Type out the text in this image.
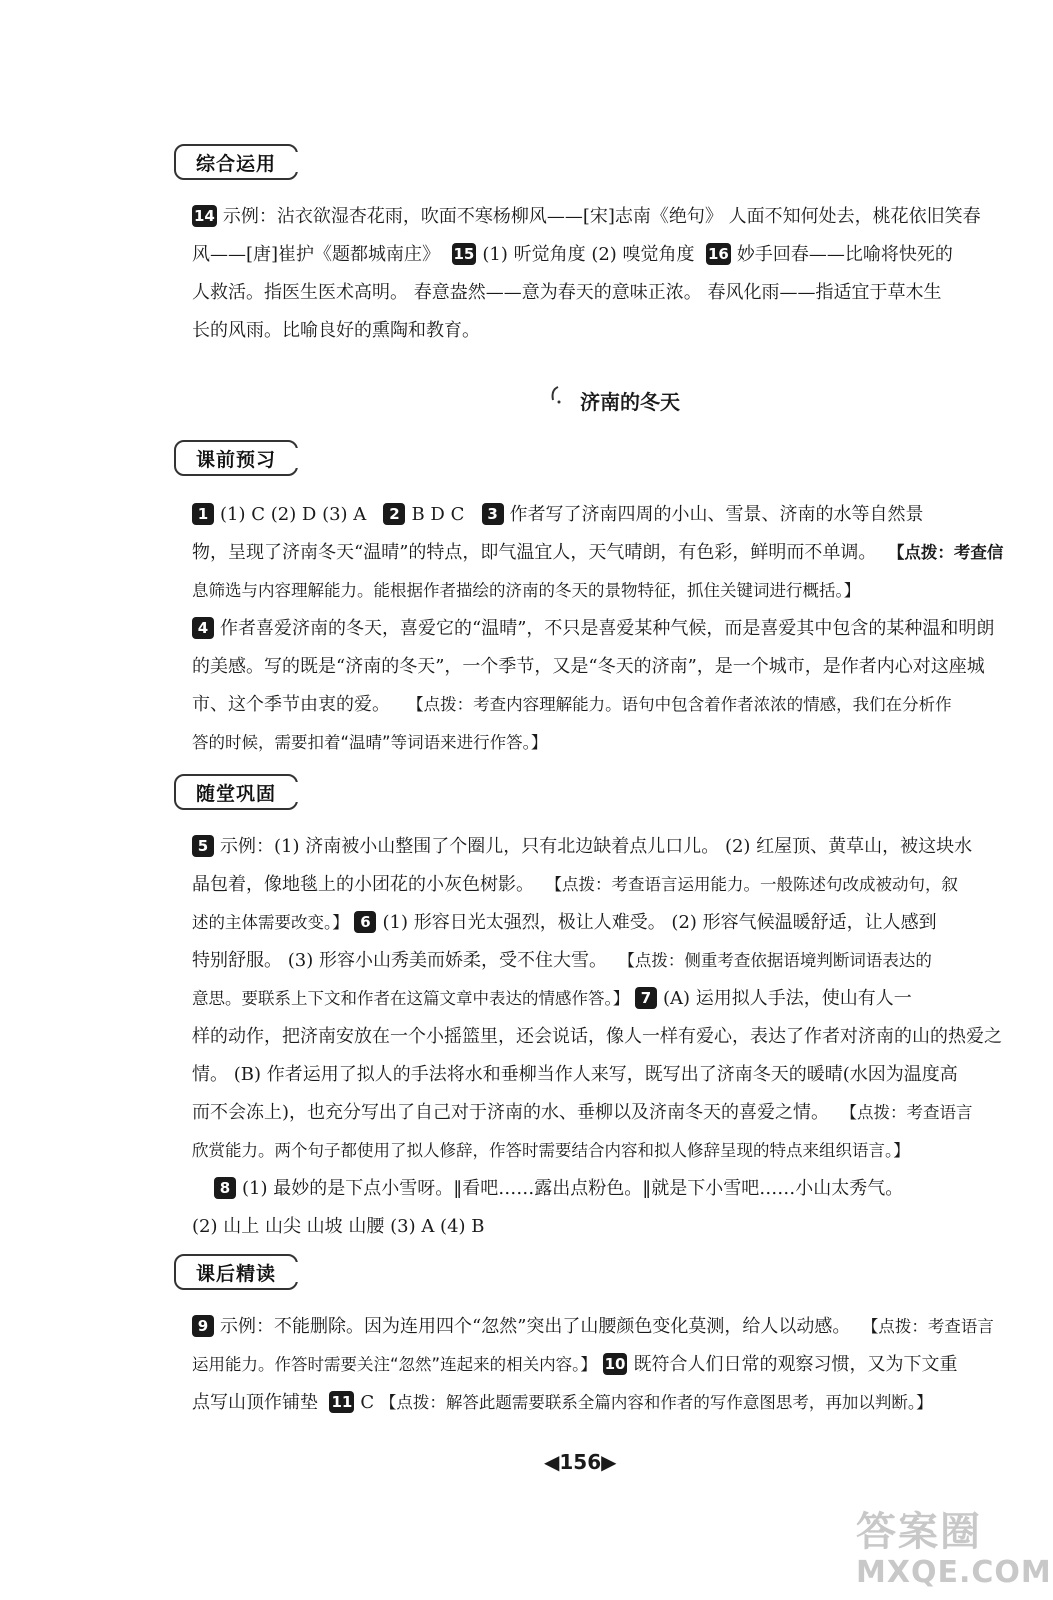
综合运用
14 示例：沾衣欲湿杏花雨，吹面不寒杨柳风——[宋]志南《绝句》 人面不知何处去，桃花依旧笑春
风——[唐]崔护《题都城南庄》 15 (1) 听觉角度 (2) 嗅觉角度 16 妙手回春——比喻将快死的
人救活。指医生医术高明。 春意盎然——意为春天的意味正浓。 春风化雨——指适宜于草木生
长的风雨。比喻良好的熏陶和教育。
济南的冬天
课前预习
1 (1) C (2) D (3) A 2 B D C 3 作者写了济南四周的小山、雪景、济南的水等自然景
物，呈现了济南冬天“温晴”的特点，即气温宜人，天气晴朗，有色彩，鲜明而不单调。 【点拨：考查信
息筛选与内容理解能力。能根据作者描绘的济南的冬天的景物特征，抓住关键词进行概括。】
4 作者喜爱济南的冬天，喜爱它的“温晴”，不只是喜爱某种气候，而是喜爱其中包含的某种温和明朗
的美感。写的既是“济南的冬天”，一个季节，又是“冬天的济南”，是一个城市，是作者内心对这座城
市、这个季节由衷的爱。 【点拨：考查内容理解能力。语句中包含着作者浓浓的情感，我们在分析作
答的时候，需要扣着“温晴”等词语来进行作答。】
随堂巩固
5 示例：(1) 济南被小山整围了个圈儿，只有北边缺着点儿口儿。 (2) 红屋顶、黄草山，被这块水
晶包着，像地毯上的小团花的小灰色树影。 【点拨：考查语言运用能力。一般陈述句改成被动句，叙
述的主体需要改变。】 6 (1) 形容日光太强烈，极让人难受。 (2) 形容气候温暖舒适，让人感到
特别舒服。 (3) 形容小山秀美而娇柔，受不住大雪。 【点拨：侧重考查依据语境判断词语表达的
意思。要联系上下文和作者在这篇文章中表达的情感作答。】 7 (A) 运用拟人手法，使山有人一
样的动作，把济南安放在一个小摇篮里，还会说话，像人一样有爱心，表达了作者对济南的山的热爱之
情。 (B) 作者运用了拟人的手法将水和垂柳当作人来写，既写出了济南冬天的暖晴(水因为温度高
而不会冻上)，也充分写出了自己对于济南的水、垂柳以及济南冬天的喜爱之情。 【点拨：考查语言
欣赏能力。两个句子都使用了拟人修辞，作答时需要结合内容和拟人修辞呈现的特点来组织语言。】
8 (1) 最妙的是下点小雪呀。‖看吧……露出点粉色。‖就是下小雪吧……小山太秀气。
(2) 山上 山尖 山坡 山腰 (3) A (4) B
课后精读
9 示例：不能删除。因为连用四个“忽然”突出了山腰颜色变化莫测，给人以动感。 【点拨：考查语言
运用能力。作答时需要关注“忽然”连起来的相关内容。】 10 既符合人们日常的观察习惯，又为下文重
点写山顶作铺垫 11 C 【点拨：解答此题需要联系全篇内容和作者的写作意图思考，再加以判断。】
◀156▶
答案圈
MXQE.COM
